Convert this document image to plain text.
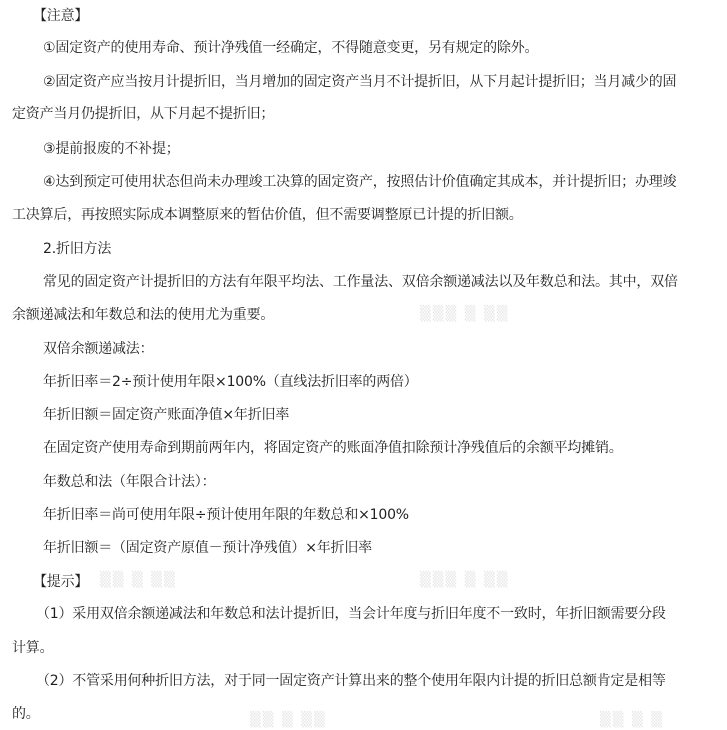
▒▒▒ ▒ ▒▒
▒▒ ▒ ▒▒	▒▒▒ ▒ ▒▒
▒▒ ▒ ▒▒	▒▒ ▒ ▒

【注意】

①固定资产的使用寿命、预计净残值一经确定，不得随意变更，另有规定的除外。

②固定资产应当按月计提折旧，当月增加的固定资产当月不计提折旧，从下月起计提折旧；当月减少的固

定资产当月仍提折旧，从下月起不提折旧；

③提前报废的不补提；

④达到预定可使用状态但尚未办理竣工决算的固定资产，按照估计价值确定其成本，并计提折旧；办理竣

工决算后，再按照实际成本调整原来的暂估价值，但不需要调整原已计提的折旧额。

2.折旧方法

常见的固定资产计提折旧的方法有年限平均法、工作量法、双倍余额递减法以及年数总和法。其中，双倍

余额递减法和年数总和法的使用尤为重要。

双倍余额递减法：

年折旧率＝2÷预计使用年限×100%（直线法折旧率的两倍）

年折旧额＝固定资产账面净值×年折旧率

在固定资产使用寿命到期前两年内，将固定资产的账面净值扣除预计净残值后的余额平均摊销。

年数总和法（年限合计法）：

年折旧率＝尚可使用年限÷预计使用年限的年数总和×100%

年折旧额＝（固定资产原值－预计净残值）×年折旧率

【提示】

（1）采用双倍余额递减法和年数总和法计提折旧，当会计年度与折旧年度不一致时，年折旧额需要分段

计算。

（2）不管采用何种折旧方法，对于同一固定资产计算出来的整个使用年限内计提的折旧总额肯定是相等

的。
